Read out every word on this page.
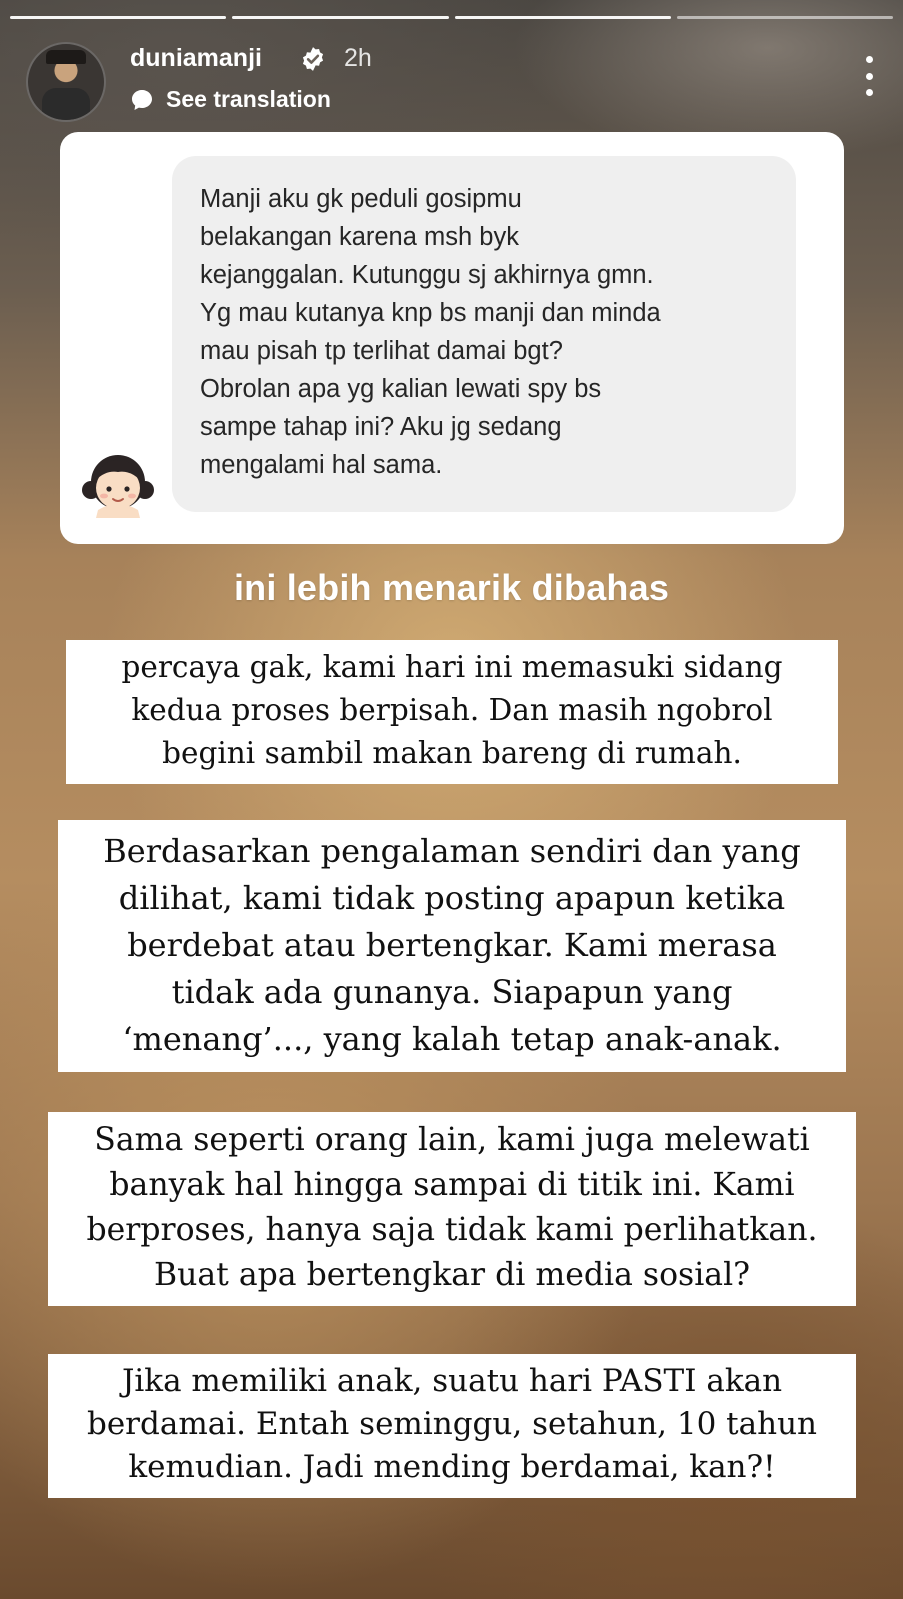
duniamanji	2h
See translation
Manji aku gk peduli gosipmu
belakangan karena msh byk
kejanggalan. Kutunggu sj akhirnya gmn.
Yg mau kutanya knp bs manji dan minda
mau pisah tp terlihat damai bgt?
Obrolan apa yg kalian lewati spy bs
sampe tahap ini? Aku jg sedang
mengalami hal sama.
ini lebih menarik dibahas
percaya gak, kami hari ini memasuki sidang
kedua proses berpisah. Dan masih ngobrol
begini sambil makan bareng di rumah.
Berdasarkan pengalaman sendiri dan yang
dilihat, kami tidak posting apapun ketika
berdebat atau bertengkar. Kami merasa
tidak ada gunanya. Siapapun yang
‘menang’..., yang kalah tetap anak-anak.
Sama seperti orang lain, kami juga melewati
banyak hal hingga sampai di titik ini. Kami
berproses, hanya saja tidak kami perlihatkan.
Buat apa bertengkar di media sosial?
Jika memiliki anak, suatu hari PASTI akan
berdamai. Entah seminggu, setahun, 10 tahun
kemudian. Jadi mending berdamai, kan?!
